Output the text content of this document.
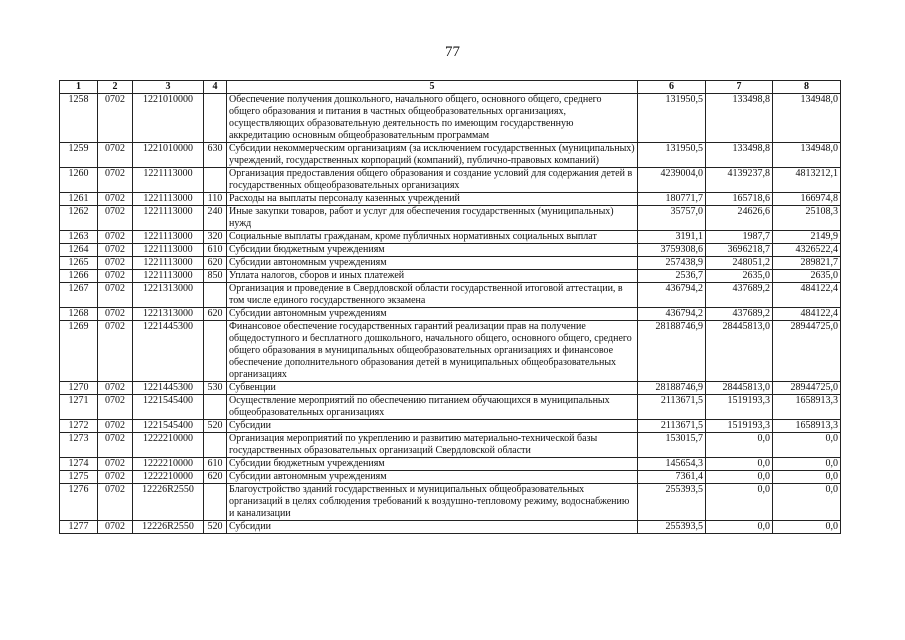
77
1	2	3	4	5	6	7	8
1258	0702	1221010000		Обеспечение получения дошкольного, начального общего, основного общего, среднего общего образования и питания в частных общеобразовательных организациях, осуществляющих образовательную деятельность по имеющим государственную аккредитацию основным общеобразовательным программам	131950,5	133498,8	134948,0
1259	0702	1221010000	630	Субсидии некоммерческим организациям (за исключением государственных (муниципальных) учреждений, государственных корпораций (компаний), публично-правовых компаний)	131950,5	133498,8	134948,0
1260	0702	1221113000		Организация предоставления общего образования и создание условий для содержания детей в государственных общеобразовательных организациях	4239004,0	4139237,8	4813212,1
1261	0702	1221113000	110	Расходы на выплаты персоналу казенных учреждений	180771,7	165718,6	166974,8
1262	0702	1221113000	240	Иные закупки товаров, работ и услуг для обеспечения государственных (муниципальных) нужд	35757,0	24626,6	25108,3
1263	0702	1221113000	320	Социальные выплаты гражданам, кроме публичных нормативных социальных выплат	3191,1	1987,7	2149,9
1264	0702	1221113000	610	Субсидии бюджетным учреждениям	3759308,6	3696218,7	4326522,4
1265	0702	1221113000	620	Субсидии автономным учреждениям	257438,9	248051,2	289821,7
1266	0702	1221113000	850	Уплата налогов, сборов и иных платежей	2536,7	2635,0	2635,0
1267	0702	1221313000		Организация и проведение в Свердловской области государственной итоговой аттестации, в том числе единого государственного экзамена	436794,2	437689,2	484122,4
1268	0702	1221313000	620	Субсидии автономным учреждениям	436794,2	437689,2	484122,4
1269	0702	1221445300		Финансовое обеспечение государственных гарантий реализации прав на получение общедоступного и бесплатного дошкольного, начального общего, основного общего, среднего общего образования в муниципальных общеобразовательных организациях и финансовое обеспечение дополнительного образования детей в муниципальных общеобразовательных организациях	28188746,9	28445813,0	28944725,0
1270	0702	1221445300	530	Субвенции	28188746,9	28445813,0	28944725,0
1271	0702	1221545400		Осуществление мероприятий по обеспечению питанием обучающихся в муниципальных общеобразовательных организациях	2113671,5	1519193,3	1658913,3
1272	0702	1221545400	520	Субсидии	2113671,5	1519193,3	1658913,3
1273	0702	1222210000		Организация мероприятий по укреплению и развитию материально-технической базы государственных образовательных организаций Свердловской области	153015,7	0,0	0,0
1274	0702	1222210000	610	Субсидии бюджетным учреждениям	145654,3	0,0	0,0
1275	0702	1222210000	620	Субсидии автономным учреждениям	7361,4	0,0	0,0
1276	0702	12226R2550		Благоустройство зданий государственных и муниципальных общеобразовательных организаций в целях соблюдения требований к воздушно-тепловому режиму, водоснабжению и канализации	255393,5	0,0	0,0
1277	0702	12226R2550	520	Субсидии	255393,5	0,0	0,0
